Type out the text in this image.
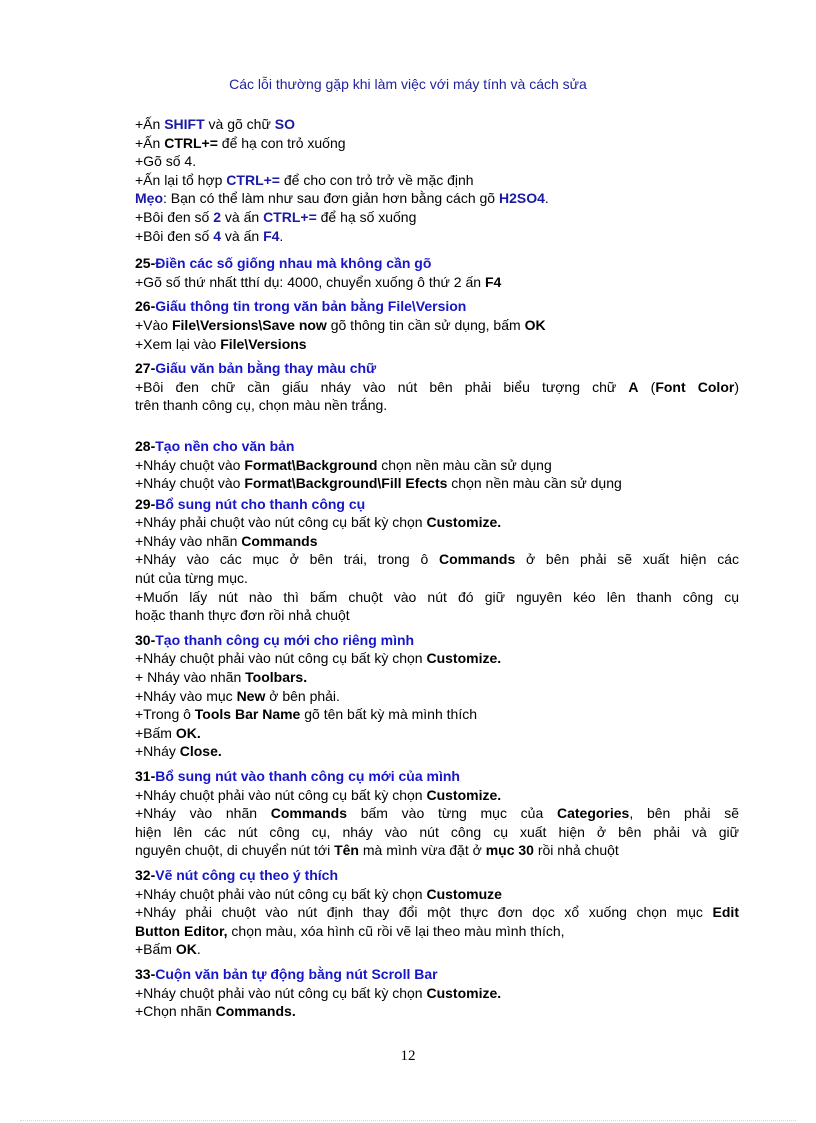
Các lỗi thường gặp khi làm việc với máy tính và cách sửa
+Ấn SHIFT và gõ chữ SO
+Ấn CTRL+= để hạ con trỏ xuống
+Gõ số 4.
+Ấn lại tổ hợp CTRL+= để cho con trỏ trở về mặc định
Mẹo: Bạn có thể làm như sau đơn giản hơn bằng cách gõ H2SO4.
+Bôi đen số 2 và ấn CTRL+= để hạ số xuống
+Bôi đen số 4 và ấn F4.
25-Điền các số giống nhau mà không cần gõ
+Gõ số thứ nhất tthí dụ: 4000, chuyển xuống ô thứ 2 ấn F4
26-Giấu thông tin trong văn bản bằng File\Version
+Vào File\Versions\Save now gõ thông tin cần sử dụng, bấm OK
+Xem lại vào File\Versions
27-Giấu văn bản bằng thay màu chữ
+Bôi đen chữ cần giấu nháy vào nút bên phải biểu tượng chữ A (Font Color)
trên thanh công cụ, chọn màu nền trắng.
28-Tạo nền cho văn bản
+Nháy chuột vào Format\Background chọn nền màu cần sử dụng
+Nháy chuột vào Format\Background\Fill Efects chọn nền màu cần sử dụng
29-Bổ sung nút cho thanh công cụ
+Nháy phải chuột vào nút công cụ bất kỳ chọn Customize.
+Nháy vào nhãn Commands
+Nháy vào các mục ở bên trái, trong ô Commands ở bên phải sẽ xuất hiện các
nút của từng mục.
+Muốn lấy nút nào thì bấm chuột vào nút đó giữ nguyên kéo lên thanh công cụ
hoặc thanh thực đơn rồi nhả chuột
30-Tạo thanh công cụ mới cho riêng mình
+Nháy chuột phải vào nút công cụ bất kỳ chọn Customize.
+ Nháy vào nhãn Toolbars.
+Nháy vào mục New ở bên phải.
+Trong ô Tools Bar Name gõ tên bất kỳ mà mình thích
+Bấm OK.
+Nháy Close.
31-Bổ sung nút vào thanh công cụ mới của mình
+Nháy chuột phải vào nút công cụ bất kỳ chọn Customize.
+Nháy vào nhãn Commands bấm vào từng mục của Categories, bên phải sẽ
hiện lên các nút công cụ, nháy vào nút công cụ xuất hiện ở bên phải và giữ
nguyên chuột, di chuyển nút tới Tên mà mình vừa đặt ở mục 30 rồi nhả chuột
32-Vẽ nút công cụ theo ý thích
+Nháy chuột phải vào nút công cụ bất kỳ chọn Customuze
+Nháy phải chuột vào nút định thay đổi một thực đơn dọc xổ xuống chọn mục Edit
Button Editor, chọn màu, xóa hình cũ rồi vẽ lại theo màu mình thích,
+Bấm OK.
33-Cuộn văn bản tự động bằng nút Scroll Bar
+Nháy chuột phải vào nút công cụ bất kỳ chọn Customize.
+Chọn nhãn Commands.
12
